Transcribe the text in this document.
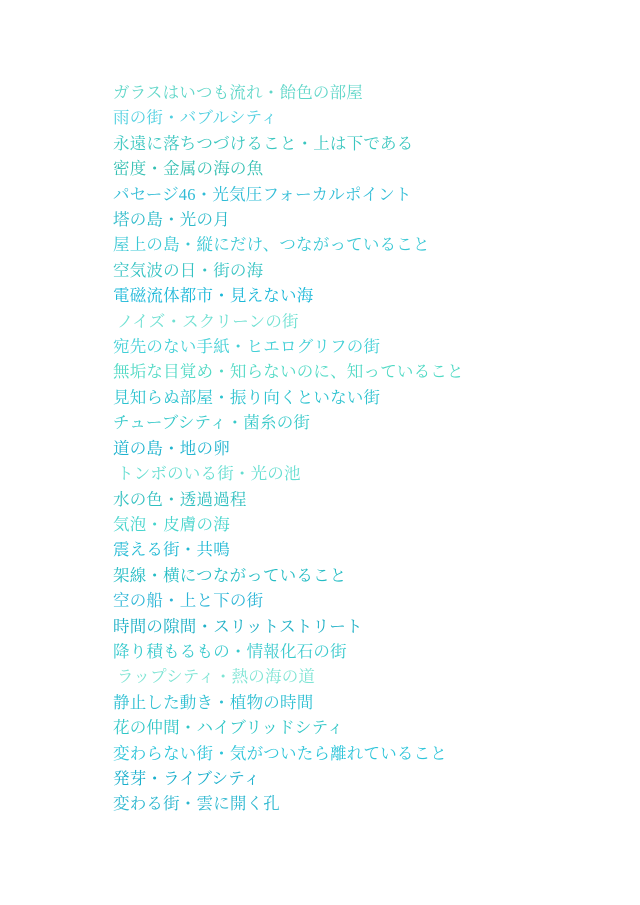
ガラスはいつも流れ・飴色の部屋
雨の街・バブルシティ
永遠に落ちつづけること・上は下である
密度・金属の海の魚
パセージ46・光気圧フォーカルポイント
塔の島・光の月
屋上の島・縦にだけ、つながっていること
空気波の日・街の海
電磁流体都市・見えない海
ノイズ・スクリーンの街
宛先のない手紙・ヒエログリフの街
無垢な目覚め・知らないのに、知っていること
見知らぬ部屋・振り向くといない街
チューブシティ・菌糸の街
道の島・地の卵
トンボのいる街・光の池
水の色・透過過程
気泡・皮膚の海
震える街・共鳴
架線・横につながっていること
空の船・上と下の街
時間の隙間・スリットストリート
降り積もるもの・情報化石の街
ラップシティ・熱の海の道
静止した動き・植物の時間
花の仲間・ハイブリッドシティ
変わらない街・気がついたら離れていること
発芽・ライブシティ
変わる街・雲に開く孔
